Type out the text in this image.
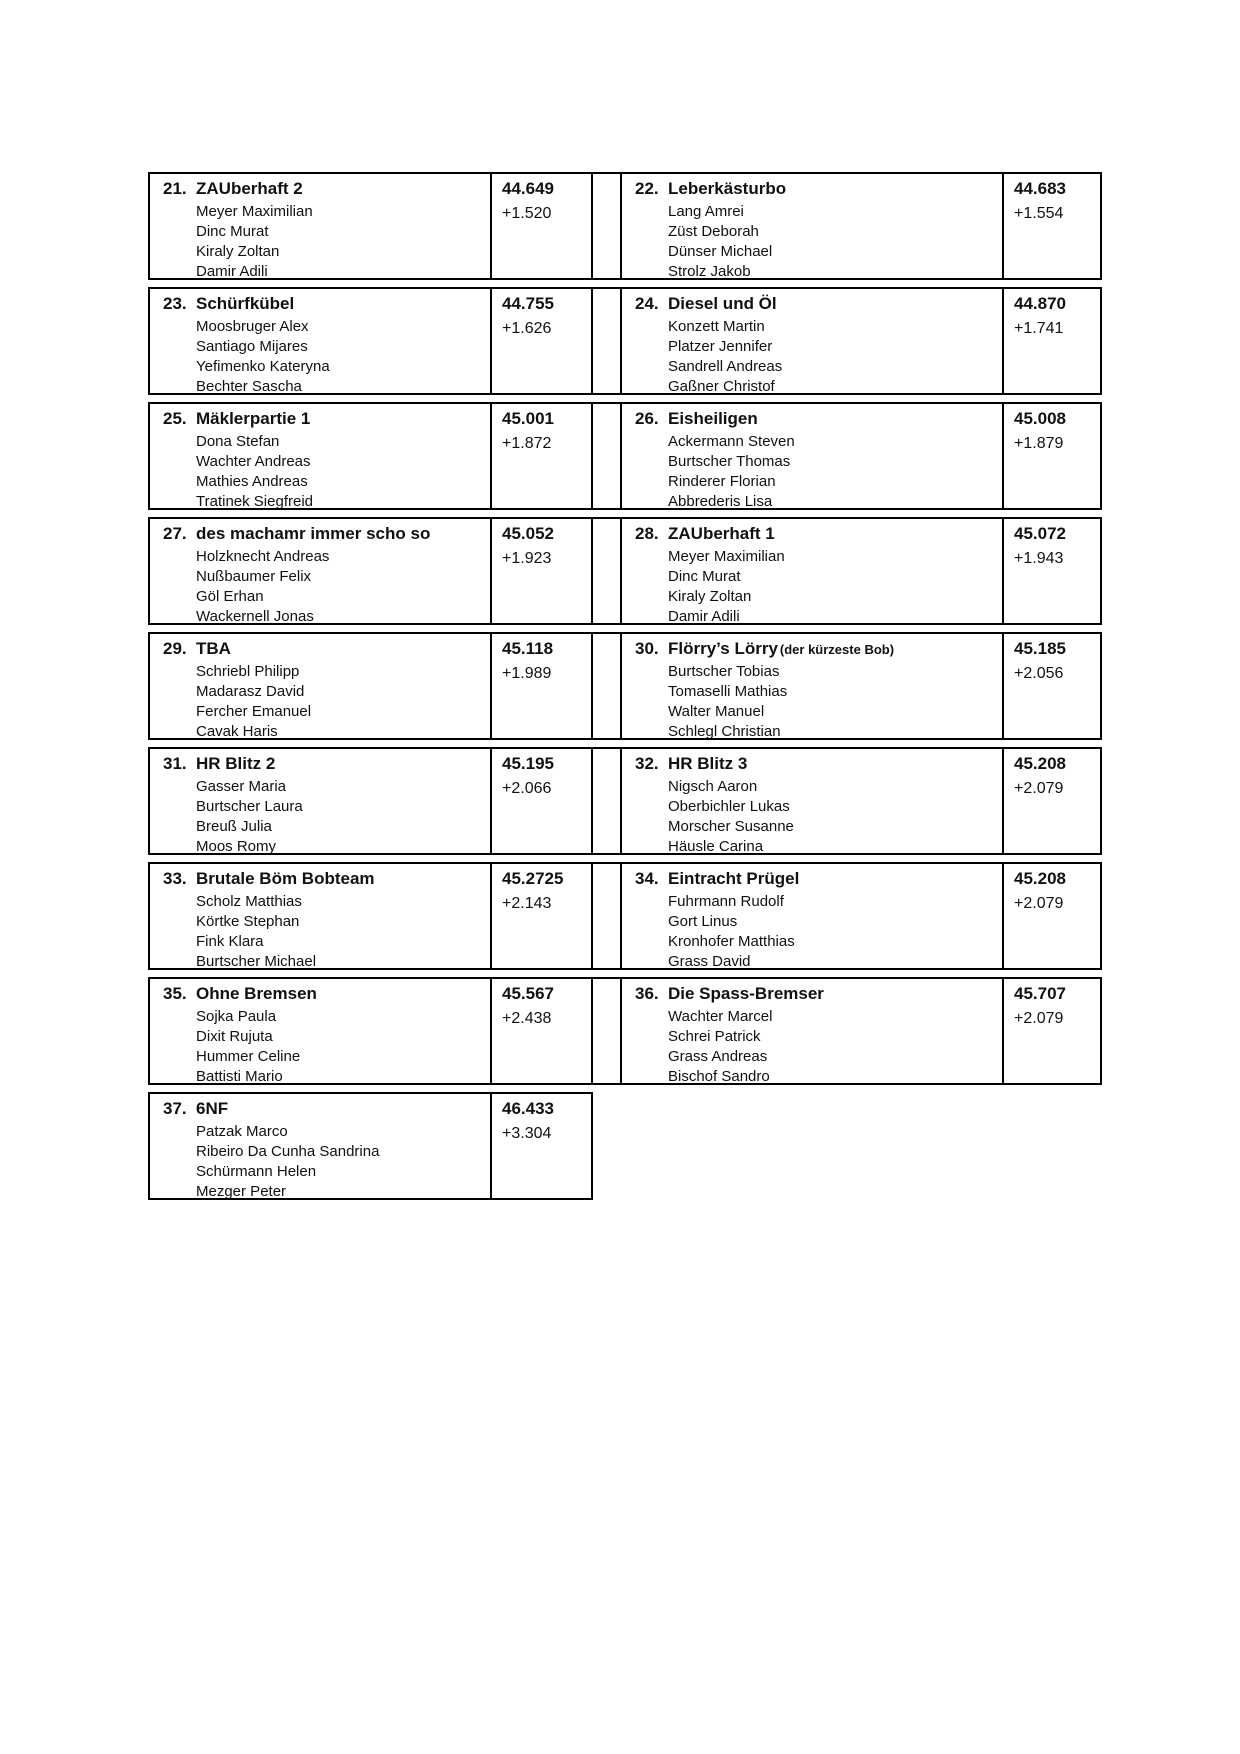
21. ZAUberhaft 2
Meyer Maximilian
Dinc Murat
Kiraly Zoltan
Damir Adili
44.649
+1.520
22. Leberkästurbo
Lang Amrei
Züst Deborah
Dünser Michael
Strolz Jakob
44.683
+1.554
23. Schürfkübel
Moosbruger Alex
Santiago Mijares
Yefimenko Kateryna
Bechter Sascha
44.755
+1.626
24. Diesel und Öl
Konzett Martin
Platzer Jennifer
Sandrell Andreas
Gaßner Christof
44.870
+1.741
25. Mäklerpartie 1
Dona Stefan
Wachter Andreas
Mathies Andreas
Tratinek Siegfreid
45.001
+1.872
26. Eisheiligen
Ackermann Steven
Burtscher Thomas
Rinderer Florian
Abbrederis Lisa
45.008
+1.879
27. des machamr immer scho so
Holzknecht Andreas
Nußbaumer Felix
Göl Erhan
Wackernell Jonas
45.052
+1.923
28. ZAUberhaft 1
Meyer Maximilian
Dinc Murat
Kiraly Zoltan
Damir Adili
45.072
+1.943
29. TBA
Schriebl Philipp
Madarasz David
Fercher Emanuel
Cavak Haris
45.118
+1.989
30. Flörry’s Lörry (der kürzeste Bob)
Burtscher Tobias
Tomaselli Mathias
Walter Manuel
Schlegl Christian
45.185
+2.056
31. HR Blitz 2
Gasser Maria
Burtscher Laura
Breuß Julia
Moos Romy
45.195
+2.066
32. HR Blitz 3
Nigsch Aaron
Oberbichler Lukas
Morscher Susanne
Häusle Carina
45.208
+2.079
33. Brutale Böm Bobteam
Scholz Matthias
Körtke Stephan
Fink Klara
Burtscher Michael
45.2725
+2.143
34. Eintracht Prügel
Fuhrmann Rudolf
Gort Linus
Kronhofer Matthias
Grass David
45.208
+2.079
35. Ohne Bremsen
Sojka Paula
Dixit Rujuta
Hummer Celine
Battisti Mario
45.567
+2.438
36. Die Spass-Bremser
Wachter Marcel
Schrei Patrick
Grass Andreas
Bischof Sandro
45.707
+2.079
37. 6NF
Patzak Marco
Ribeiro Da Cunha Sandrina
Schürmann Helen
Mezger Peter
46.433
+3.304
